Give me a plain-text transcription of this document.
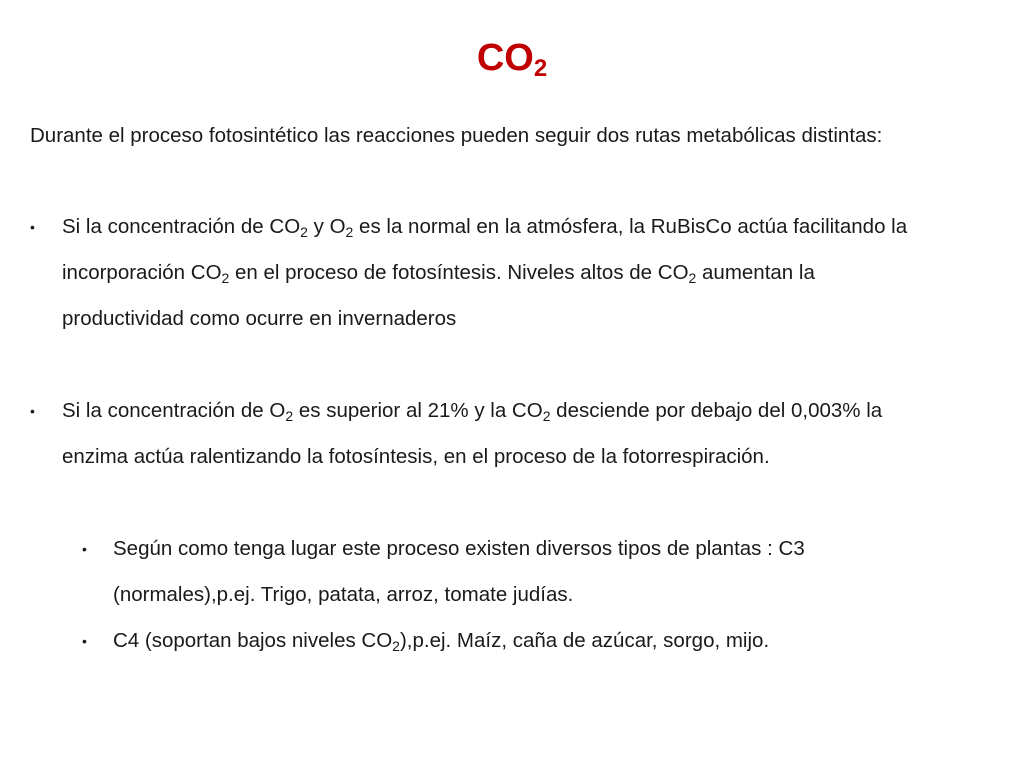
$CO_2$
Durante el proceso fotosintético las reacciones pueden seguir dos rutas metabólicas distintas:
• Si la concentración de $CO_2$ y $O_2$ es la normal en la atmósfera, la RuBisCo actúa facilitando la
incorporación $CO_2$ en el proceso de fotosíntesis. Niveles altos de $CO_2$ aumentan la
productividad como ocurre en invernaderos
• Si la concentración de $O_2$ es superior al 21% y la $CO_2$ desciende por debajo del 0,003% la
enzima actúa ralentizando la fotosíntesis, en el proceso de la fotorrespiración.
• Según como tenga lugar este proceso existen diversos tipos de plantas : C3
(normales),p.ej. Trigo, patata, arroz, tomate judías.
• C4 (soportan bajos niveles $CO_2),p.ej$. Maíz, caña de azúcar, sorgo, mijo.
